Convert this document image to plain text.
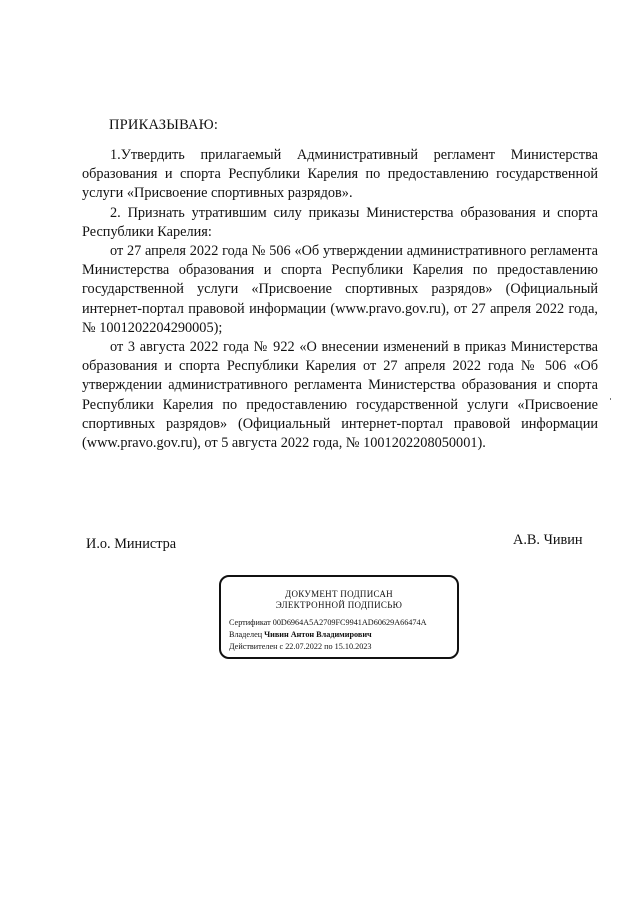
ПРИКАЗЫВАЮ:

1.Утвердить прилагаемый Административный регламент Министерства образования и спорта Республики Карелия по предоставлению государственной услуги «Присвоение спортивных разрядов».

2. Признать утратившим силу приказы Министерства образования и спорта Республики Карелия:

от 27 апреля 2022 года № 506 «Об утверждении административного регламента Министерства образования и спорта Республики Карелия по предоставлению государственной услуги «Присвоение спортивных разрядов» (Официальный интернет-портал правовой информации (www.pravo.gov.ru), от 27 апреля 2022 года, № 1001202204290005);

от 3 августа 2022 года № 922 «О внесении изменений в приказ Министерства образования и спорта Республики Карелия от 27 апреля 2022 года № 506 «Об утверждении административного регламента Министерства образования и спорта Республики Карелия по предоставлению государственной услуги «Присвоение спортивных разрядов» (Официальный интернет-портал правовой информации (www.pravo.gov.ru), от 5 августа 2022 года, № 1001202208050001).

И.о. Министра	А.В. Чивин
ДОКУМЕНТ ПОДПИСАН
ЭЛЕКТРОННОЙ ПОДПИСЬЮ
Сертификат 00D6964A5A2709FC9941AD60629A66474A
Владелец Чивин Антон Владимирович
Действителен с 22.07.2022 по 15.10.2023
